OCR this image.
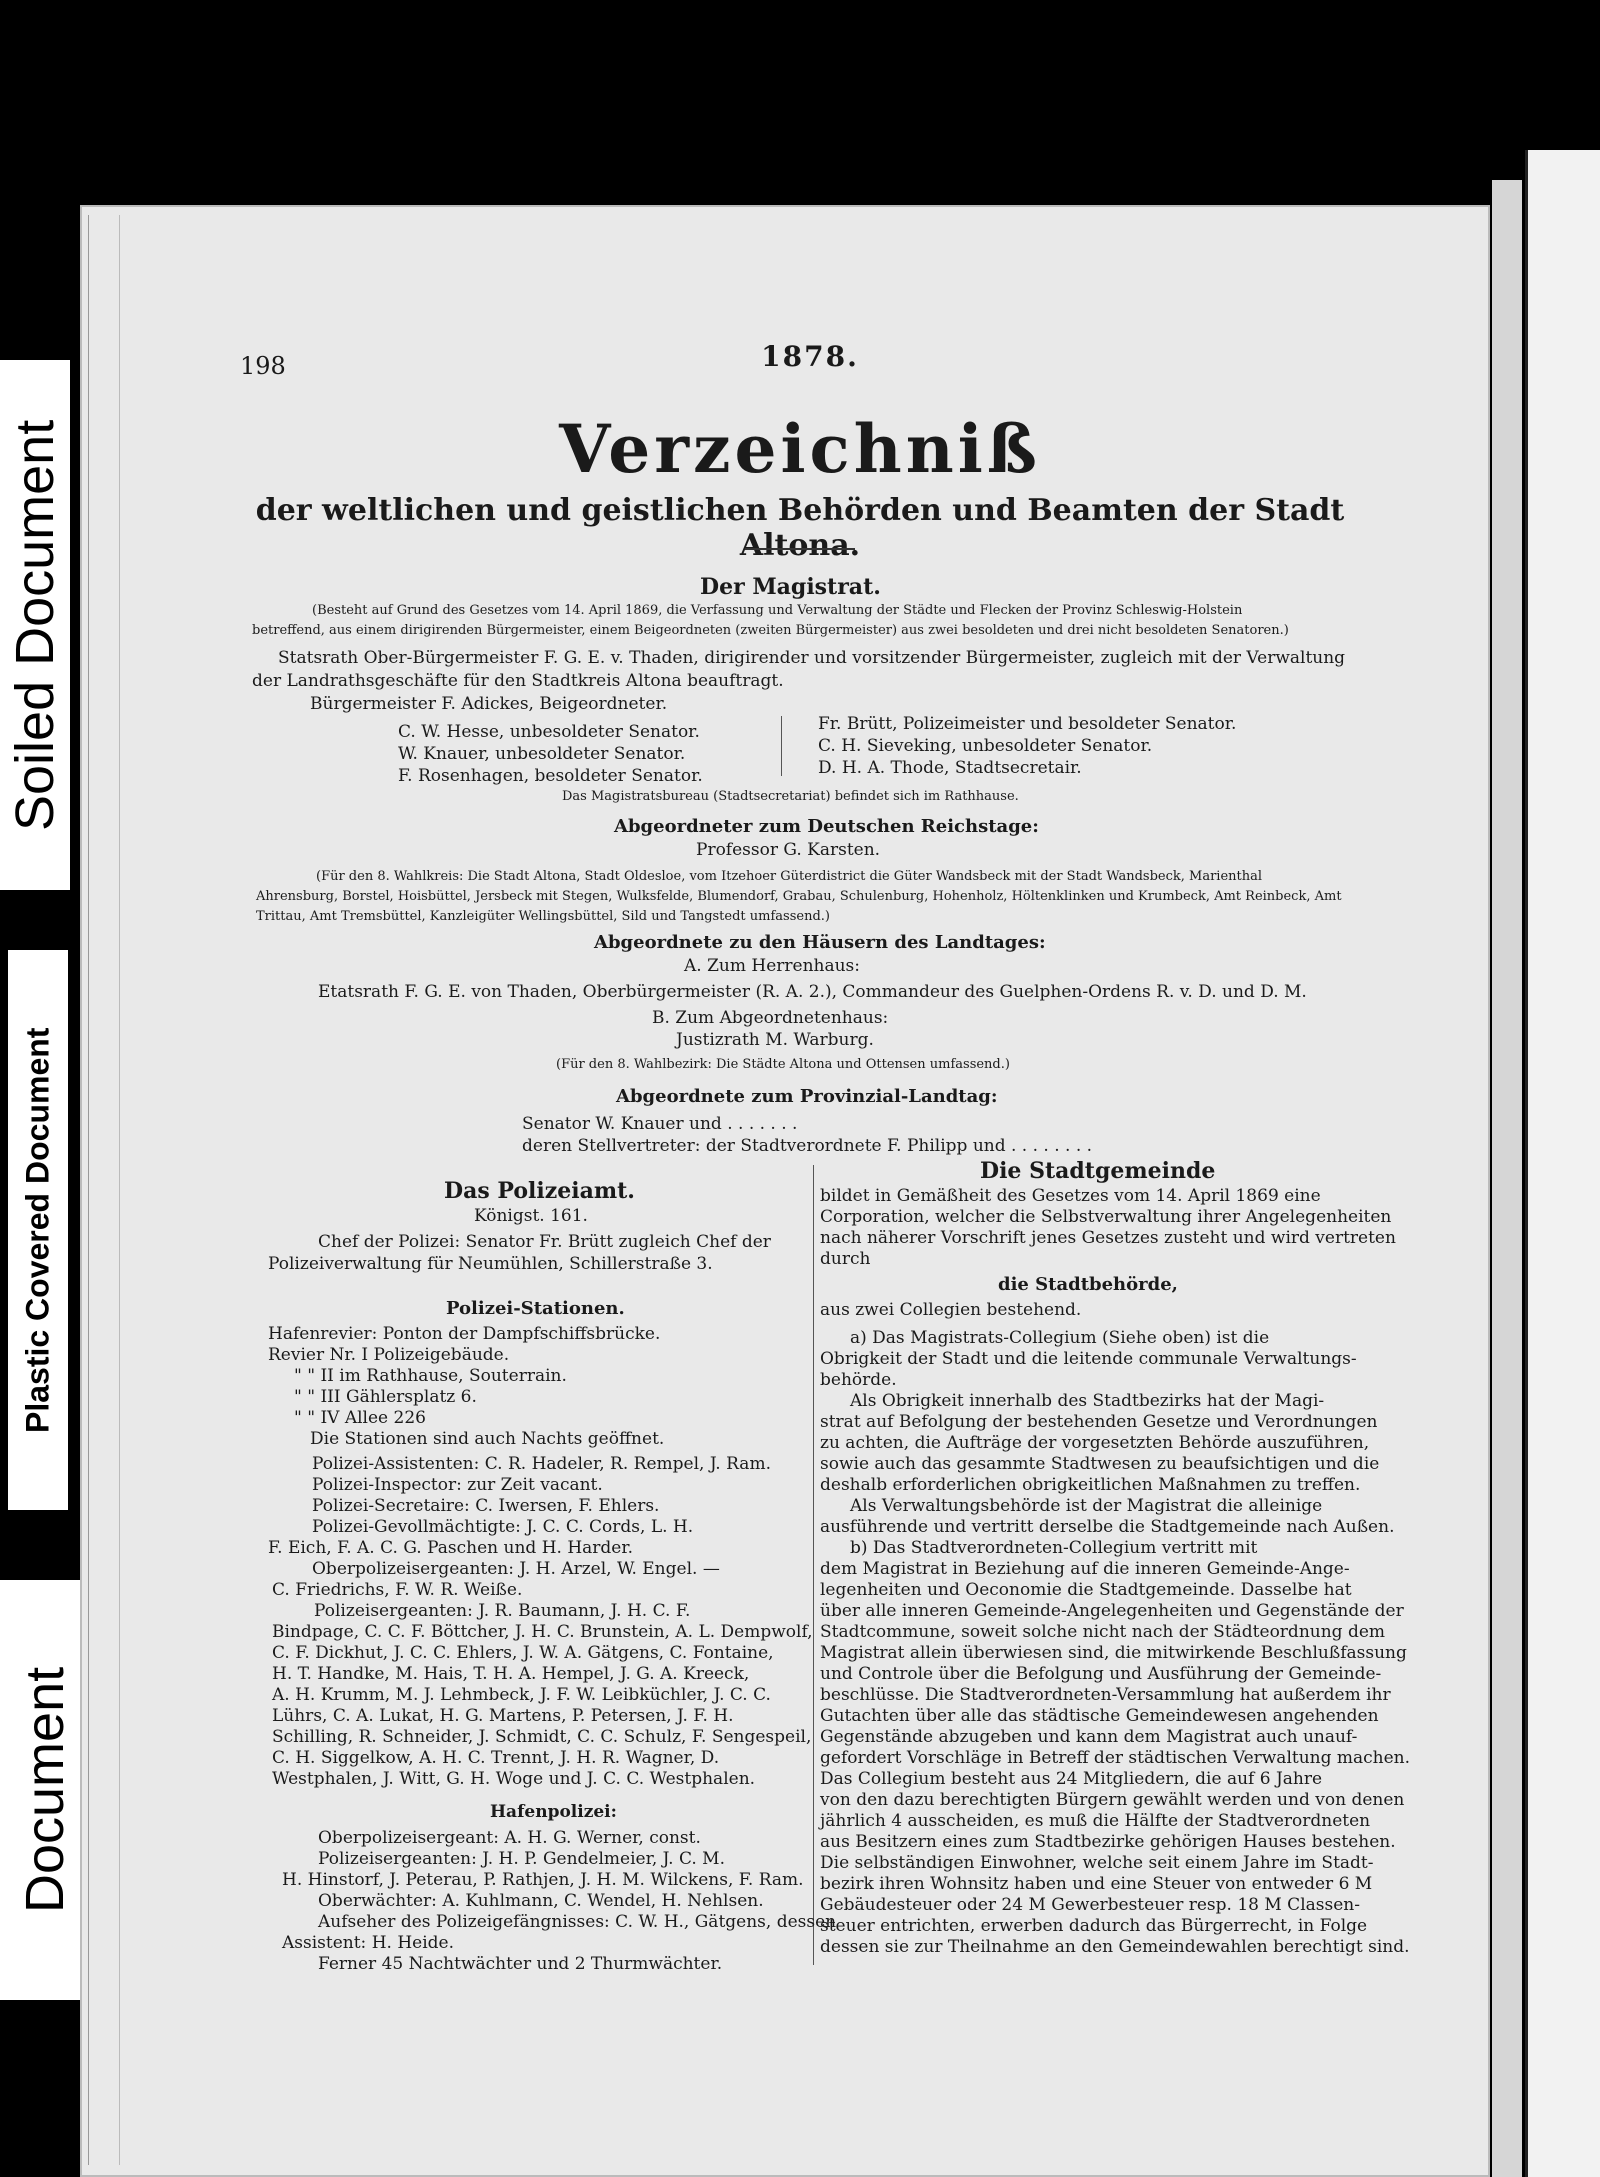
Soiled Document
Plastic Covered Document
Document
198	1878.
Verzeichniß
der weltlichen und geistlichen Behörden und Beamten der Stadt Altona.
Der Magistrat.
(Besteht auf Grund des Gesetzes vom 14. April 1869, die Verfassung und Verwaltung der Städte und Flecken der Provinz Schleswig-Holstein
betreffend, aus einem dirigirenden Bürgermeister, einem Beigeordneten (zweiten Bürgermeister) aus zwei besoldeten und drei nicht besoldeten Senatoren.)
Statsrath Ober-Bürgermeister F. G. E. v. Thaden, dirigirender und vorsitzender Bürgermeister, zugleich mit der Verwaltung
der Landrathsgeschäfte für den Stadtkreis Altona beauftragt.
Bürgermeister F. Adickes, Beigeordneter.
C. W. Hesse, unbesoldeter Senator.
W. Knauer, unbesoldeter Senator.
F. Rosenhagen, besoldeter Senator.
Fr. Brütt, Polizeimeister und besoldeter Senator.
C. H. Sieveking, unbesoldeter Senator.
D. H. A. Thode, Stadtsecretair.
Das Magistratsbureau (Stadtsecretariat) befindet sich im Rathhause.
Abgeordneter zum Deutschen Reichstage:
Professor G. Karsten.
(Für den 8. Wahlkreis: Die Stadt Altona, Stadt Oldesloe, vom Itzehoer Güterdistrict die Güter Wandsbeck mit der Stadt Wandsbeck, Marienthal
Ahrensburg, Borstel, Hoisbüttel, Jersbeck mit Stegen, Wulksfelde, Blumendorf, Grabau, Schulenburg, Hohenholz, Höltenklinken und Krumbeck, Amt Reinbeck, Amt
Trittau, Amt Tremsbüttel, Kanzleigüter Wellingsbüttel, Sild und Tangstedt umfassend.)
Abgeordnete zu den Häusern des Landtages:
A. Zum Herrenhaus:
Etatsrath F. G. E. von Thaden, Oberbürgermeister (R. A. 2.), Commandeur des Guelphen-Ordens R. v. D. und D. M.
B. Zum Abgeordnetenhaus:
Justizrath M. Warburg.
(Für den 8. Wahlbezirk: Die Städte Altona und Ottensen umfassend.)
Abgeordnete zum Provinzial-Landtag:
Senator W. Knauer und . . . . . . .
deren Stellvertreter: der Stadtverordnete F. Philipp und . . . . . . . .
Das Polizeiamt.
Königst. 161.
Chef der Polizei: Senator Fr. Brütt zugleich Chef der
Polizeiverwaltung für Neumühlen, Schillerstraße 3.
Polizei-Stationen.
Hafenrevier: Ponton der Dampfschiffsbrücke.
Revier Nr. I Polizeigebäude.
" " II im Rathhause, Souterrain.
" " III Gählersplatz 6.
" " IV Allee 226
Die Stationen sind auch Nachts geöffnet.
Polizei-Assistenten: C. R. Hadeler, R. Rempel, J. Ram.
Polizei-Inspector: zur Zeit vacant.
Polizei-Secretaire: C. Iwersen, F. Ehlers.
Polizei-Gevollmächtigte: J. C. C. Cords, L. H.
F. Eich, F. A. C. G. Paschen und H. Harder.
Oberpolizeisergeanten: J. H. Arzel, W. Engel. —
C. Friedrichs, F. W. R. Weiße.
Polizeisergeanten: J. R. Baumann, J. H. C. F.
Bindpage, C. C. F. Böttcher, J. H. C. Brunstein, A. L. Dempwolf,
C. F. Dickhut, J. C. C. Ehlers, J. W. A. Gätgens, C. Fontaine,
H. T. Handke, M. Hais, T. H. A. Hempel, J. G. A. Kreeck,
A. H. Krumm, M. J. Lehmbeck, J. F. W. Leibküchler, J. C. C.
Lührs, C. A. Lukat, H. G. Martens, P. Petersen, J. F. H.
Schilling, R. Schneider, J. Schmidt, C. C. Schulz, F. Sengespeil,
C. H. Siggelkow, A. H. C. Trennt, J. H. R. Wagner, D.
Westphalen, J. Witt, G. H. Woge und J. C. C. Westphalen.
Hafenpolizei:
Oberpolizeisergeant: A. H. G. Werner, const.
Polizeisergeanten: J. H. P. Gendelmeier, J. C. M.
H. Hinstorf, J. Peterau, P. Rathjen, J. H. M. Wilckens, F. Ram.
Oberwächter: A. Kuhlmann, C. Wendel, H. Nehlsen.
Aufseher des Polizeigefängnisses: C. W. H., Gätgens, dessen
Assistent: H. Heide.
Ferner 45 Nachtwächter und 2 Thurmwächter.
Die Stadtgemeinde
bildet in Gemäßheit des Gesetzes vom 14. April 1869 eine
Corporation, welcher die Selbstverwaltung ihrer Angelegenheiten
nach näherer Vorschrift jenes Gesetzes zusteht und wird vertreten
durch
die Stadtbehörde,
aus zwei Collegien bestehend.
a) Das Magistrats-Collegium (Siehe oben) ist die
Obrigkeit der Stadt und die leitende communale Verwaltungs-
behörde.
Als Obrigkeit innerhalb des Stadtbezirks hat der Magi-
strat auf Befolgung der bestehenden Gesetze und Verordnungen
zu achten, die Aufträge der vorgesetzten Behörde auszuführen,
sowie auch das gesammte Stadtwesen zu beaufsichtigen und die
deshalb erforderlichen obrigkeitlichen Maßnahmen zu treffen.
Als Verwaltungsbehörde ist der Magistrat die alleinige
ausführende und vertritt derselbe die Stadtgemeinde nach Außen.
b) Das Stadtverordneten-Collegium vertritt mit
dem Magistrat in Beziehung auf die inneren Gemeinde-Ange-
legenheiten und Oeconomie die Stadtgemeinde. Dasselbe hat
über alle inneren Gemeinde-Angelegenheiten und Gegenstände der
Stadtcommune, soweit solche nicht nach der Städteordnung dem
Magistrat allein überwiesen sind, die mitwirkende Beschlußfassung
und Controle über die Befolgung und Ausführung der Gemeinde-
beschlüsse. Die Stadtverordneten-Versammlung hat außerdem ihr
Gutachten über alle das städtische Gemeindewesen angehenden
Gegenstände abzugeben und kann dem Magistrat auch unauf-
gefordert Vorschläge in Betreff der städtischen Verwaltung machen.
Das Collegium besteht aus 24 Mitgliedern, die auf 6 Jahre
von den dazu berechtigten Bürgern gewählt werden und von denen
jährlich 4 ausscheiden, es muß die Hälfte der Stadtverordneten
aus Besitzern eines zum Stadtbezirke gehörigen Hauses bestehen.
Die selbständigen Einwohner, welche seit einem Jahre im Stadt-
bezirk ihren Wohnsitz haben und eine Steuer von entweder 6 M
Gebäudesteuer oder 24 M Gewerbesteuer resp. 18 M Classen-
steuer entrichten, erwerben dadurch das Bürgerrecht, in Folge
dessen sie zur Theilnahme an den Gemeindewahlen berechtigt sind.
